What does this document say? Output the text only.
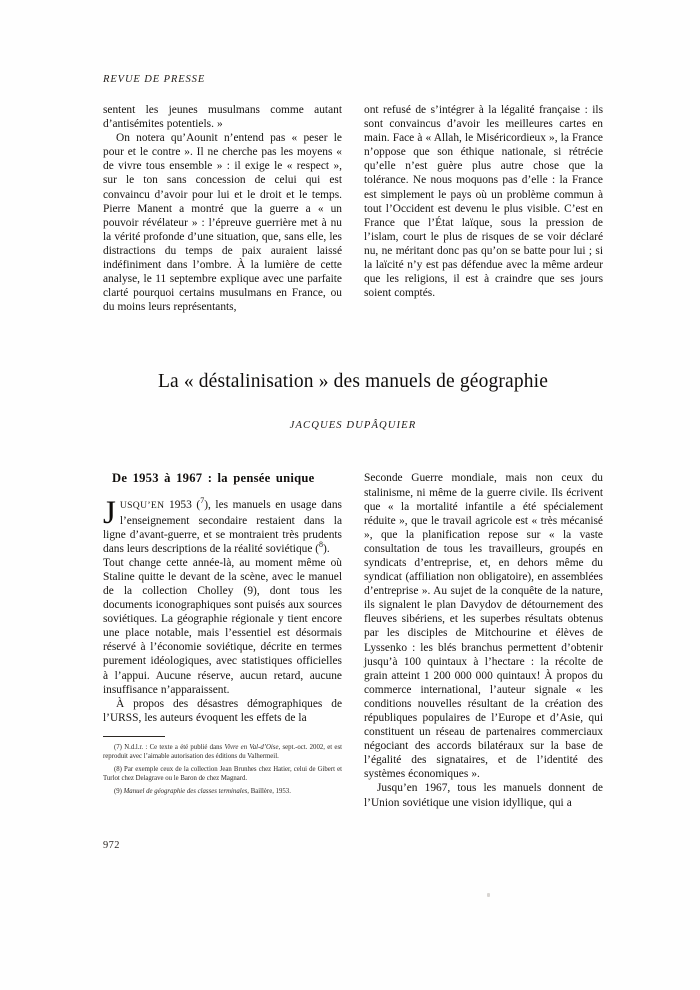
REVUE DE PRESSE

sentent les jeunes musulmans comme autant d’antisémites potentiels. »

On notera qu’Aounit n’entend pas « peser le pour et le contre ». Il ne cherche pas les moyens « de vivre tous ensemble » : il exige le « respect », sur le ton sans concession de celui qui est convaincu d’avoir pour lui et le droit et le temps. Pierre Manent a montré que la guerre a « un pouvoir révélateur » : l’épreuve guerrière met à nu la vérité profonde d’une situation, que, sans elle, les distractions du temps de paix auraient laissé indéfiniment dans l’ombre. À la lumière de cette analyse, le 11 septembre explique avec une parfaite clarté pourquoi certains musulmans en France, ou du moins leurs représentants,

ont refusé de s’intégrer à la légalité française : ils sont convaincus d’avoir les meilleures cartes en main. Face à « Allah, le Miséricordieux », la France n’oppose que son éthique nationale, si rétrécie qu’elle n’est guère plus autre chose que la tolérance. Ne nous moquons pas d’elle : la France est simplement le pays où un problème commun à tout l’Occident est devenu le plus visible. C’est en France que l’État laïque, sous la pression de l’islam, court le plus de risques de se voir déclaré nu, ne méritant donc pas qu’on se batte pour lui ; si la laïcité n’y est pas défendue avec la même ardeur que les religions, il est à craindre que ses jours soient comptés.

La « déstalinisation » des manuels de géographie
JACQUES DUPÂQUIER
De 1953 à 1967 : la pensée unique

JUSQU’EN 1953 ($^7$), les manuels en usage dans l’enseignement secondaire restaient dans la ligne d’avant-guerre, et se montraient très prudents dans leurs descriptions de la réalité soviétique ($^8$).

Tout change cette année-là, au moment même où Staline quitte le devant de la scène, avec le manuel de la collection Cholley (9), dont tous les documents iconographiques sont puisés aux sources soviétiques. La géographie régionale y tient encore une place notable, mais l’essentiel est désormais réservé à l’économie soviétique, décrite en termes purement idéologiques, avec statistiques officielles à l’appui. Aucune réserve, aucun retard, aucune insuffisance n’apparaissent.

À propos des désastres démographiques de l’URSS, les auteurs évoquent les effets de la

(7) N.d.l.r. : Ce texte a été publié dans Vivre en Val-d’Oise, sept.-oct. 2002, et est reproduit avec l’aimable autorisation des éditions du Valhermeil.

(8) Par exemple ceux de la collection Jean Brunhes chez Hatier, celui de Gibert et Turlot chez Delagrave ou le Baron de chez Magnard.

(9) Manuel de géographie des classes terminales, Baillère, 1953.

Seconde Guerre mondiale, mais non ceux du stalinisme, ni même de la guerre civile. Ils écrivent que « la mortalité infantile a été spécialement réduite », que le travail agricole est « très mécanisé », que la planification repose sur « la vaste consultation de tous les travailleurs, groupés en syndicats d’entreprise, et, en dehors même du syndicat (affiliation non obligatoire), en assemblées d’entreprise ». Au sujet de la conquête de la nature, ils signalent le plan Davydov de détournement des fleuves sibériens, et les superbes résultats obtenus par les disciples de Mitchourine et élèves de Lyssenko : les blés branchus permettent d’obtenir jusqu’à 100 quintaux à l’hectare : la récolte de grain atteint 1 200 000 000 quintaux! À propos du commerce international, l’auteur signale « les conditions nouvelles résultant de la création des républiques populaires de l’Europe et d’Asie, qui constituent un réseau de partenaires commerciaux négociant des accords bilatéraux sur la base de l’égalité des signataires, et de l’identité des systèmes économiques ».

Jusqu’en 1967, tous les manuels donnent de l’Union soviétique une vision idyllique, qui a

972
